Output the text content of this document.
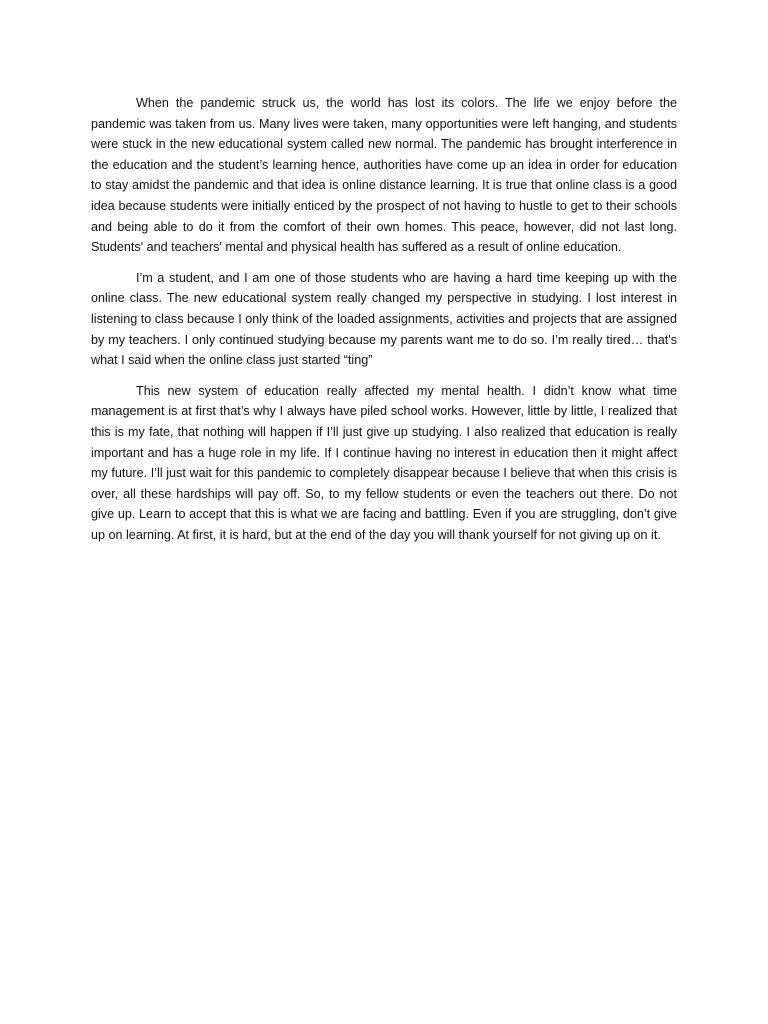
When the pandemic struck us, the world has lost its colors. The life we enjoy before the pandemic was taken from us. Many lives were taken, many opportunities were left hanging, and students were stuck in the new educational system called new normal. The pandemic has brought interference in the education and the student’s learning hence, authorities have come up an idea in order for education to stay amidst the pandemic and that idea is online distance learning. It is true that online class is a good idea because students were initially enticed by the prospect of not having to hustle to get to their schools and being able to do it from the comfort of their own homes. This peace, however, did not last long. Students' and teachers' mental and physical health has suffered as a result of online education.

I’m a student, and I am one of those students who are having a hard time keeping up with the online class. The new educational system really changed my perspective in studying. I lost interest in listening to class because I only think of the loaded assignments, activities and projects that are assigned by my teachers. I only continued studying because my parents want me to do so. I’m really tired… that's what I said when the online class just started “ting”

This new system of education really affected my mental health. I didn’t know what time management is at first that’s why I always have piled school works. However, little by little, I realized that this is my fate, that nothing will happen if I’ll just give up studying. I also realized that education is really important and has a huge role in my life. If I continue having no interest in education then it might affect my future. I’ll just wait for this pandemic to completely disappear because I believe that when this crisis is over, all these hardships will pay off. So, to my fellow students or even the teachers out there. Do not give up. Learn to accept that this is what we are facing and battling. Even if you are struggling, don’t give up on learning. At first, it is hard, but at the end of the day you will thank yourself for not giving up on it.
